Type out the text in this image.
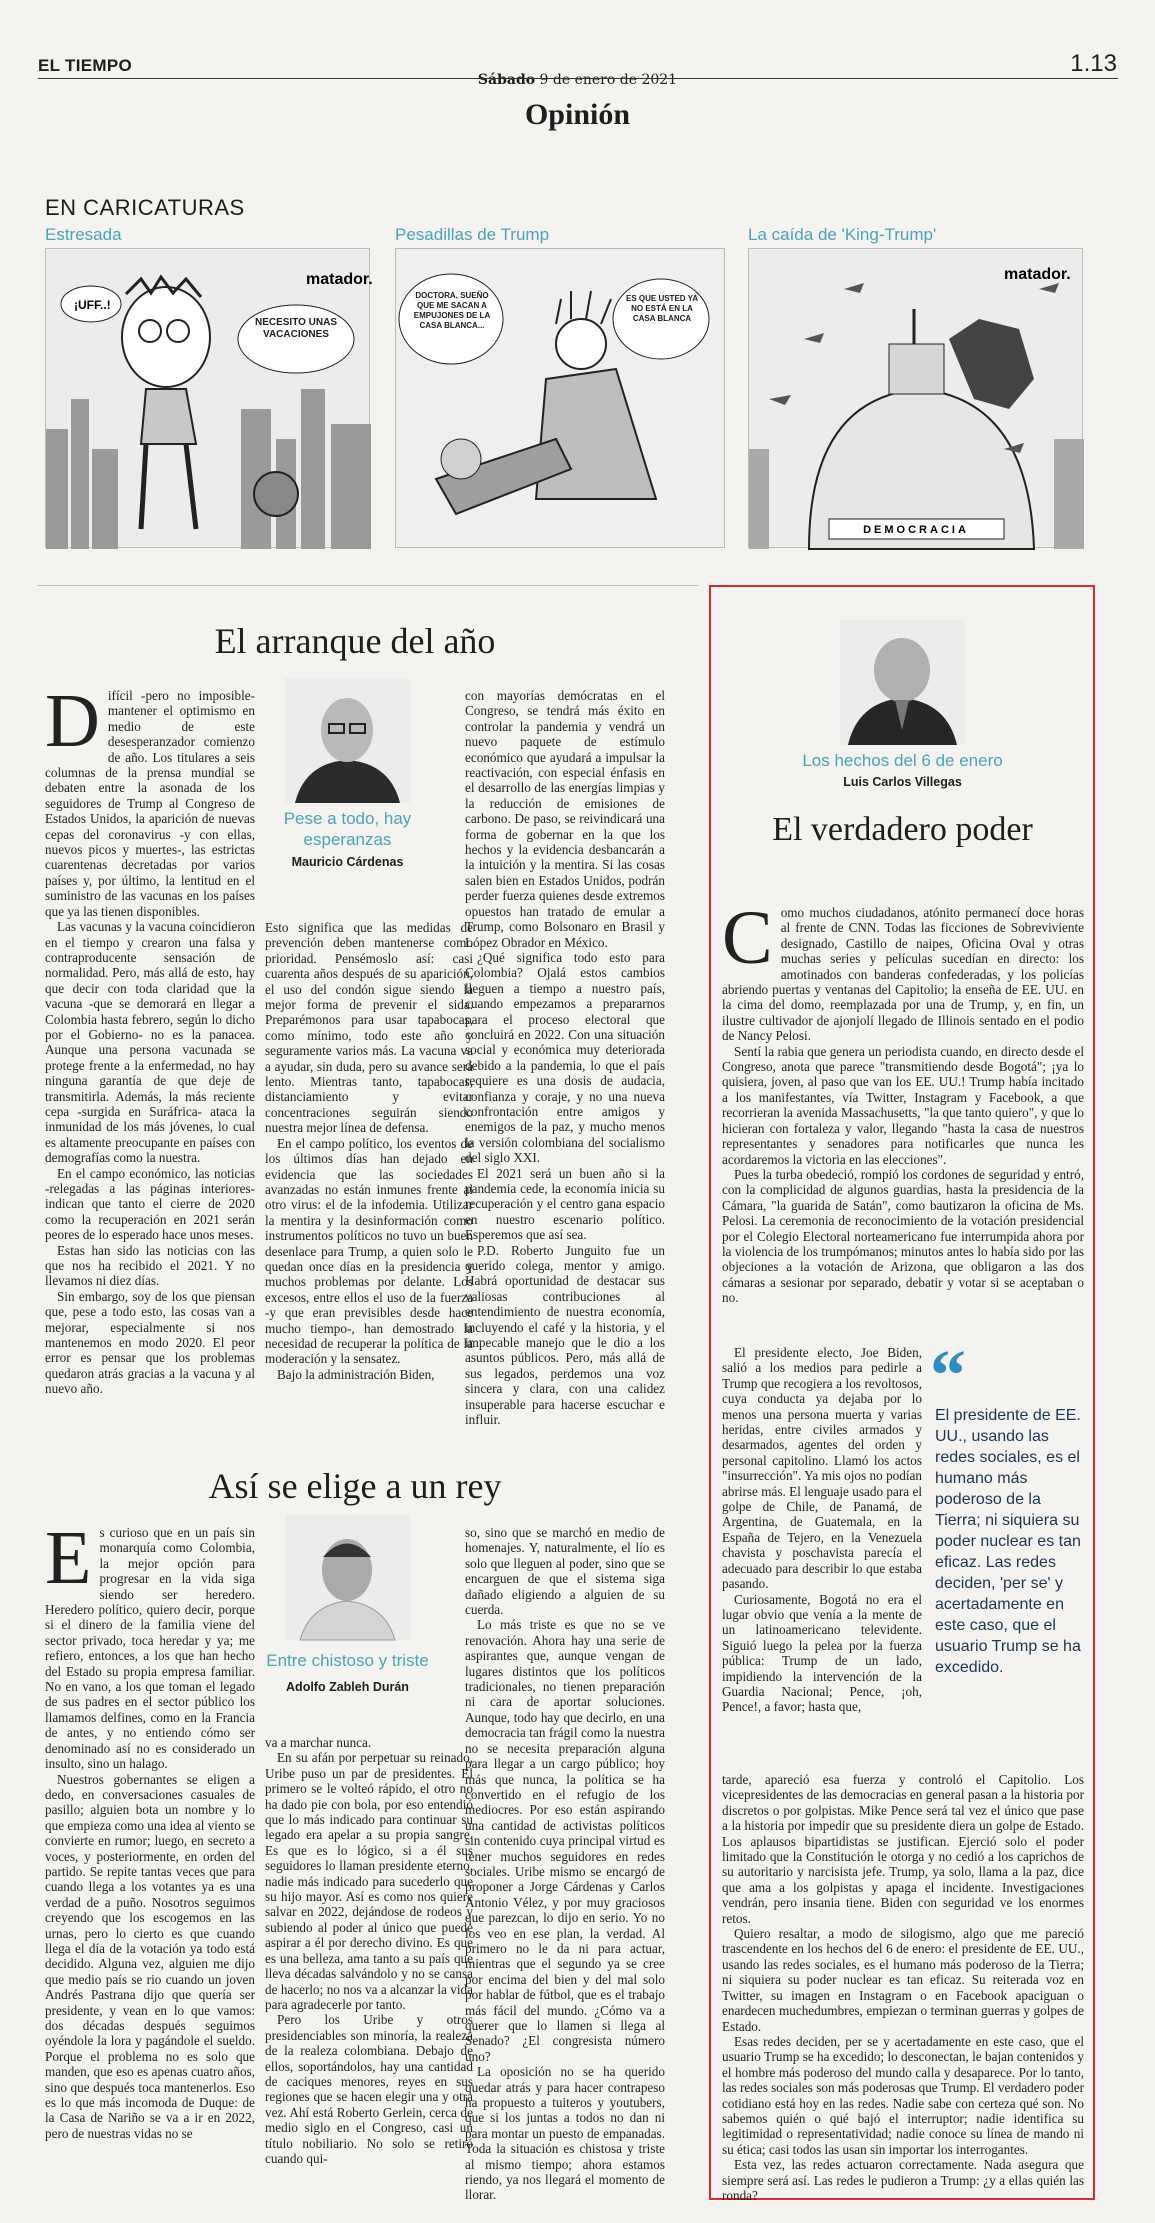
EL TIEMPO
Sábado 9 de enero de 2021
1.13
Opinión
EN CARICATURAS
Estresada
matador.
¡UFF..!
NECESITO UNAS VACACIONES
Pesadillas de Trump
DOCTORA, SUEÑO QUE ME SACAN A EMPUJONES DE LA CASA BLANCA...
ES QUE USTED YA NO ESTÁ EN LA CASA BLANCA
La caída de 'King-Trump'
DEMOCRACIA
matador.
El arranque del año
D ifícil -pero no imposible- mantener el optimismo en medio de este desesperanzador comienzo de año. Los titulares a seis columnas de la prensa mundial se debaten entre la asonada de los seguidores de Trump al Congreso de Estados Unidos, la aparición de nuevas cepas del coronavirus -y con ellas, nuevos picos y muertes-, las estrictas cuarentenas decretadas por varios países y, por último, la lentitud en el suministro de las vacunas en los países que ya las tienen disponibles.

Las vacunas y la vacuna coincidieron en el tiempo y crearon una falsa y contraproducente sensación de normalidad. Pero, más allá de esto, hay que decir con toda claridad que la vacuna -que se demorará en llegar a Colombia hasta febrero, según lo dicho por el Gobierno- no es la panacea. Aunque una persona vacunada se protege frente a la enfermedad, no hay ninguna garantía de que deje de transmitirla. Además, la más reciente cepa -surgida en Suráfrica- ataca la inmunidad de los más jóvenes, lo cual es altamente preocupante en países con demografías como la nuestra.

En el campo económico, las noticias -relegadas a las páginas interiores- indican que tanto el cierre de 2020 como la recuperación en 2021 serán peores de lo esperado hace unos meses.

Estas han sido las noticias con las que nos ha recibido el 2021. Y no llevamos ni diez días.

Sin embargo, soy de los que piensan que, pese a todo esto, las cosas van a mejorar, especialmente si nos mantenemos en modo 2020. El peor error es pensar que los problemas quedaron atrás gracias a la vacuna y al nuevo año.

Pese a todo, hay esperanzas
Mauricio Cárdenas

Esto significa que las medidas de prevención deben mantenerse como prioridad. Pensémoslo así: casi cuarenta años después de su aparición, el uso del condón sigue siendo la mejor forma de prevenir el sida. Preparémonos para usar tapabocas, como mínimo, todo este año y seguramente varios más. La vacuna va a ayudar, sin duda, pero su avance será lento. Mientras tanto, tapabocas, distanciamiento y evitar concentraciones seguirán siendo nuestra mejor línea de defensa.

En el campo político, los eventos de los últimos días han dejado en evidencia que las sociedades avanzadas no están inmunes frente al otro virus: el de la infodemia. Utilizar la mentira y la desinformación como instrumentos políticos no tuvo un buen desenlace para Trump, a quien solo le quedan once días en la presidencia y muchos problemas por delante. Los excesos, entre ellos el uso de la fuerza -y que eran previsibles desde hace mucho tiempo-, han demostrado la necesidad de recuperar la política de la moderación y la sensatez.

Bajo la administración Biden,

con mayorías demócratas en el Congreso, se tendrá más éxito en controlar la pandemia y vendrá un nuevo paquete de estímulo económico que ayudará a impulsar la reactivación, con especial énfasis en el desarrollo de las energías limpias y la reducción de emisiones de carbono. De paso, se reivindicará una forma de gobernar en la que los hechos y la evidencia desbancarán a la intuición y la mentira. Si las cosas salen bien en Estados Unidos, podrán perder fuerza quienes desde extremos opuestos han tratado de emular a Trump, como Bolsonaro en Brasil y López Obrador en México.

¿Qué significa todo esto para Colombia? Ojalá estos cambios lleguen a tiempo a nuestro país, cuando empezamos a prepararnos para el proceso electoral que concluirá en 2022. Con una situación social y económica muy deteriorada debido a la pandemia, lo que el país requiere es una dosis de audacia, confianza y coraje, y no una nueva confrontación entre amigos y enemigos de la paz, y mucho menos la versión colombiana del socialismo del siglo XXI.

El 2021 será un buen año si la pandemia cede, la economía inicia su recuperación y el centro gana espacio en nuestro escenario político. Esperemos que así sea.

P.D. Roberto Junguito fue un querido colega, mentor y amigo. Habrá oportunidad de destacar sus valiosas contribuciones al entendimiento de nuestra economía, incluyendo el café y la historia, y el impecable manejo que le dio a los asuntos públicos. Pero, más allá de sus legados, perdemos una voz sincera y clara, con una calidez insuperable para hacerse escuchar e influir.

Así se elige a un rey
E s curioso que en un país sin monarquía como Colombia, la mejor opción para progresar en la vida siga siendo ser heredero. Heredero político, quiero decir, porque si el dinero de la familia viene del sector privado, toca heredar y ya; me refiero, entonces, a los que han hecho del Estado su propia empresa familiar. No en vano, a los que toman el legado de sus padres en el sector público los llamamos delfines, como en la Francia de antes, y no entiendo cómo ser denominado así no es considerado un insulto, sino un halago.

Nuestros gobernantes se eligen a dedo, en conversaciones casuales de pasillo; alguien bota un nombre y lo que empieza como una idea al viento se convierte en rumor; luego, en secreto a voces, y posteriormente, en orden del partido. Se repite tantas veces que para cuando llega a los votantes ya es una verdad de a puño. Nosotros seguimos creyendo que los escogemos en las urnas, pero lo cierto es que cuando llega el día de la votación ya todo está decidido. Alguna vez, alguien me dijo que medio país se rio cuando un joven Andrés Pastrana dijo que quería ser presidente, y vean en lo que vamos: dos décadas después seguimos oyéndole la lora y pagándole el sueldo. Porque el problema no es solo que manden, que eso es apenas cuatro años, sino que después toca mantenerlos. Eso es lo que más incomoda de Duque: de la Casa de Nariño se va a ir en 2022, pero de nuestras vidas no se

Entre chistoso y triste
Adolfo Zableh Durán

va a marchar nunca.

En su afán por perpetuar su reinado, Uribe puso un par de presidentes. El primero se le volteó rápido, el otro no ha dado pie con bola, por eso entendió que lo más indicado para continuar su legado era apelar a su propia sangre. Es que es lo lógico, si a él sus seguidores lo llaman presidente eterno, nadie más indicado para sucederlo que su hijo mayor. Así es como nos quiere salvar en 2022, dejándose de rodeos y subiendo al poder al único que puede aspirar a él por derecho divino. Es que es una belleza, ama tanto a su país que lleva décadas salvándolo y no se cansa de hacerlo; no nos va a alcanzar la vida para agradecerle por tanto.

Pero los Uribe y otros presidenciables son minoría, la realeza de la realeza colombiana. Debajo de ellos, soportándolos, hay una cantidad de caciques menores, reyes en sus regiones que se hacen elegir una y otra vez. Ahí está Roberto Gerlein, cerca de medio siglo en el Congreso, casi un título nobiliario. No solo se retiró cuando qui-

so, sino que se marchó en medio de homenajes. Y, naturalmente, el lío es solo que lleguen al poder, sino que se encarguen de que el sistema siga dañado eligiendo a alguien de su cuerda.

Lo más triste es que no se ve renovación. Ahora hay una serie de aspirantes que, aunque vengan de lugares distintos que los políticos tradicionales, no tienen preparación ni cara de aportar soluciones. Aunque, todo hay que decirlo, en una democracia tan frágil como la nuestra no se necesita preparación alguna para llegar a un cargo público; hoy más que nunca, la política se ha convertido en el refugio de los mediocres. Por eso están aspirando una cantidad de activistas políticos sin contenido cuya principal virtud es tener muchos seguidores en redes sociales. Uribe mismo se encargó de proponer a Jorge Cárdenas y Carlos Antonio Vélez, y por muy graciosos que parezcan, lo dijo en serio. Yo no los veo en ese plan, la verdad. Al primero no le da ni para actuar, mientras que el segundo ya se cree por encima del bien y del mal solo por hablar de fútbol, que es el trabajo más fácil del mundo. ¿Cómo va a querer que lo llamen si llega al Senado? ¿El congresista número uno?

La oposición no se ha querido quedar atrás y para hacer contrapeso ha propuesto a tuiteros y youtubers, que si los juntas a todos no dan ni para montar un puesto de empanadas. Toda la situación es chistosa y triste al mismo tiempo; ahora estamos riendo, ya nos llegará el momento de llorar.

Los hechos del 6 de enero
Luis Carlos Villegas
El verdadero poder
C omo muchos ciudadanos, atónito permanecí doce horas al frente de CNN. Todas las ficciones de Sobreviviente designado, Castillo de naipes, Oficina Oval y otras muchas series y películas sucedían en directo: los amotinados con banderas confederadas, y los policías abriendo puertas y ventanas del Capitolio; la enseña de EE. UU. en la cima del domo, reemplazada por una de Trump, y, en fin, un ilustre cultivador de ajonjolí llegado de Illinois sentado en el podio de Nancy Pelosi.

Sentí la rabia que genera un periodista cuando, en directo desde el Congreso, anota que parece "transmitiendo desde Bogotá"; ¡ya lo quisiera, joven, al paso que van los EE. UU.! Trump había incitado a los manifestantes, vía Twitter, Instagram y Facebook, a que recorrieran la avenida Massachusetts, "la que tanto quiero", y que lo hicieran con fortaleza y valor, llegando "hasta la casa de nuestros representantes y senadores para notificarles que nunca les acordaremos la victoria en las elecciones".

Pues la turba obedeció, rompió los cordones de seguridad y entró, con la complicidad de algunos guardias, hasta la presidencia de la Cámara, "la guarida de Satán", como bautizaron la oficina de Ms. Pelosi. La ceremonia de reconocimiento de la votación presidencial por el Colegio Electoral norteamericano fue interrumpida ahora por la violencia de los trumpómanos; minutos antes lo había sido por las objeciones a la votación de Arizona, que obligaron a las dos cámaras a sesionar por separado, debatir y votar si se aceptaban o no.

El presidente electo, Joe Biden, salió a los medios para pedirle a Trump que recogiera a los revoltosos, cuya conducta ya dejaba por lo menos una persona muerta y varias heridas, entre civiles armados y desarmados, agentes del orden y personal capitolino. Llamó los actos "insurrección". Ya mis ojos no podían abrirse más. El lenguaje usado para el golpe de Chile, de Panamá, de Argentina, de Guatemala, en la España de Tejero, en la Venezuela chavista y poschavista parecía el adecuado para describir lo que estaba pasando.

Curiosamente, Bogotá no era el lugar obvio que venía a la mente de un latinoamericano televidente. Siguió luego la pelea por la fuerza pública: Trump de un lado, impidiendo la intervención de la Guardia Nacional; Pence, ¡oh, Pence!, a favor; hasta que,

“
El presidente de EE. UU., usando las redes sociales, es el humano más poderoso de la Tierra; ni siquiera su poder nuclear es tan eficaz. Las redes deciden, 'per se' y acertadamente en este caso, que el usuario Trump se ha excedido.

tarde, apareció esa fuerza y controló el Capitolio. Los vicepresidentes de las democracias en general pasan a la historia por discretos o por golpistas. Mike Pence será tal vez el único que pase a la historia por impedir que su presidente diera un golpe de Estado. Los aplausos bipartidistas se justifican. Ejerció solo el poder limitado que la Constitución le otorga y no cedió a los caprichos de su autoritario y narcisista jefe. Trump, ya solo, llama a la paz, dice que ama a los golpistas y apaga el incidente. Investigaciones vendrán, pero insania tiene. Biden con seguridad ve los enormes retos.

Quiero resaltar, a modo de silogismo, algo que me pareció trascendente en los hechos del 6 de enero: el presidente de EE. UU., usando las redes sociales, es el humano más poderoso de la Tierra; ni siquiera su poder nuclear es tan eficaz. Su reiterada voz en Twitter, su imagen en Instagram o en Facebook apaciguan o enardecen muchedumbres, empiezan o terminan guerras y golpes de Estado.

Esas redes deciden, per se y acertadamente en este caso, que el usuario Trump se ha excedido; lo desconectan, le bajan contenidos y el hombre más poderoso del mundo calla y desaparece. Por lo tanto, las redes sociales son más poderosas que Trump. El verdadero poder cotidiano está hoy en las redes. Nadie sabe con certeza qué son. No sabemos quién o qué bajó el interruptor; nadie identifica su legitimidad o representatividad; nadie conoce su línea de mando ni su ética; casi todos las usan sin importar los interrogantes.

Esta vez, las redes actuaron correctamente. Nada asegura que siempre será así. Las redes le pudieron a Trump: ¿y a ellas quién las ronda?
